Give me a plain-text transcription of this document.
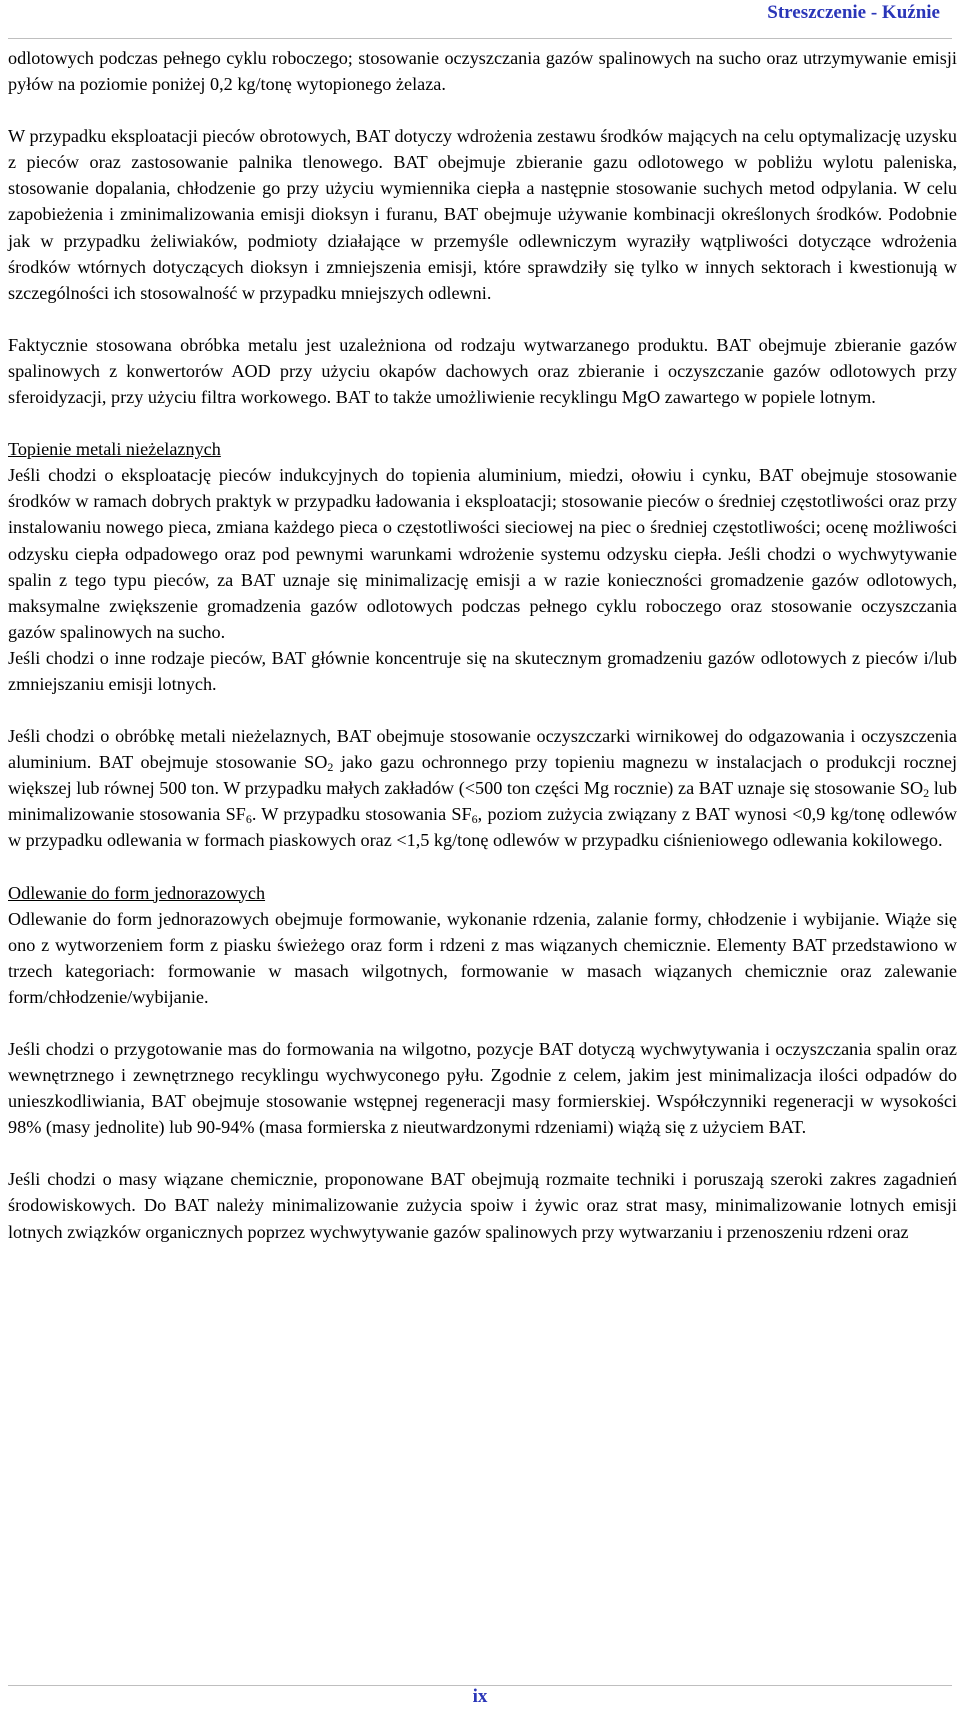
Streszczenie - Kuźnie

odlotowych podczas pełnego cyklu roboczego; stosowanie oczyszczania gazów spalinowych na sucho oraz utrzymywanie emisji pyłów na poziomie poniżej 0,2 kg/tonę wytopionego żelaza.

W przypadku eksploatacji pieców obrotowych, BAT dotyczy wdrożenia zestawu środków mających na celu optymalizację uzysku z pieców oraz zastosowanie palnika tlenowego. BAT obejmuje zbieranie gazu odlotowego w pobliżu wylotu paleniska, stosowanie dopalania, chłodzenie go przy użyciu wymiennika ciepła a następnie stosowanie suchych metod odpylania. W celu zapobieżenia i zminimalizowania emisji dioksyn i furanu, BAT obejmuje używanie kombinacji określonych środków. Podobnie jak w przypadku żeliwiaków, podmioty działające w przemyśle odlewniczym wyraziły wątpliwości dotyczące wdrożenia środków wtórnych dotyczących dioksyn i zmniejszenia emisji, które sprawdziły się tylko w innych sektorach i kwestionują w szczególności ich stosowalność w przypadku mniejszych odlewni.

Faktycznie stosowana obróbka metalu jest uzależniona od rodzaju wytwarzanego produktu. BAT obejmuje zbieranie gazów spalinowych z konwertorów AOD przy użyciu okapów dachowych oraz zbieranie i oczyszczanie gazów odlotowych przy sferoidyzacji, przy użyciu filtra workowego. BAT to także umożliwienie recyklingu MgO zawartego w popiele lotnym.

Topienie metali nieżelaznych

Jeśli chodzi o eksploatację pieców indukcyjnych do topienia aluminium, miedzi, ołowiu i cynku, BAT obejmuje stosowanie środków w ramach dobrych praktyk w przypadku ładowania i eksploatacji; stosowanie pieców o średniej częstotliwości oraz przy instalowaniu nowego pieca, zmiana każdego pieca o częstotliwości sieciowej na piec o średniej częstotliwości; ocenę możliwości odzysku ciepła odpadowego oraz pod pewnymi warunkami wdrożenie systemu odzysku ciepła. Jeśli chodzi o wychwytywanie spalin z tego typu pieców, za BAT uznaje się minimalizację emisji a w razie konieczności gromadzenie gazów odlotowych, maksymalne zwiększenie gromadzenia gazów odlotowych podczas pełnego cyklu roboczego oraz stosowanie oczyszczania gazów spalinowych na sucho.

Jeśli chodzi o inne rodzaje pieców, BAT głównie koncentruje się na skutecznym gromadzeniu gazów odlotowych z pieców i/lub zmniejszaniu emisji lotnych.

Jeśli chodzi o obróbkę metali nieżelaznych, BAT obejmuje stosowanie oczyszczarki wirnikowej do odgazowania i oczyszczenia aluminium. BAT obejmuje stosowanie $SO_2$ jako gazu ochronnego przy topieniu magnezu w instalacjach o produkcji rocznej większej lub równej 500 ton. W przypadku małych zakładów (<500 ton części Mg rocznie) za BAT uznaje się stosowanie $SO_2$ lub minimalizowanie stosowania $SF_6$. W przypadku stosowania $SF_6$, poziom zużycia związany z BAT wynosi <0,9 kg/tonę odlewów w przypadku odlewania w formach piaskowych oraz <1,5 kg/tonę odlewów w przypadku ciśnieniowego odlewania kokilowego.

Odlewanie do form jednorazowych

Odlewanie do form jednorazowych obejmuje formowanie, wykonanie rdzenia, zalanie formy, chłodzenie i wybijanie. Wiąże się ono z wytworzeniem form z piasku świeżego oraz form i rdzeni z mas wiązanych chemicznie. Elementy BAT przedstawiono w trzech kategoriach: formowanie w masach wilgotnych, formowanie w masach wiązanych chemicznie oraz zalewanie form/chłodzenie/wybijanie.

Jeśli chodzi o przygotowanie mas do formowania na wilgotno, pozycje BAT dotyczą wychwytywania i oczyszczania spalin oraz wewnętrznego i zewnętrznego recyklingu wychwyconego pyłu. Zgodnie z celem, jakim jest minimalizacja ilości odpadów do unieszkodliwiania, BAT obejmuje stosowanie wstępnej regeneracji masy formierskiej. Współczynniki regeneracji w wysokości 98% (masy jednolite) lub 90-94% (masa formierska z nieutwardzonymi rdzeniami) wiążą się z użyciem BAT.

Jeśli chodzi o masy wiązane chemicznie, proponowane BAT obejmują rozmaite techniki i poruszają szeroki zakres zagadnień środowiskowych. Do BAT należy minimalizowanie zużycia spoiw i żywic oraz strat masy, minimalizowanie lotnych emisji lotnych związków organicznych poprzez wychwytywanie gazów spalinowych przy wytwarzaniu i przenoszeniu rdzeni oraz

ix
